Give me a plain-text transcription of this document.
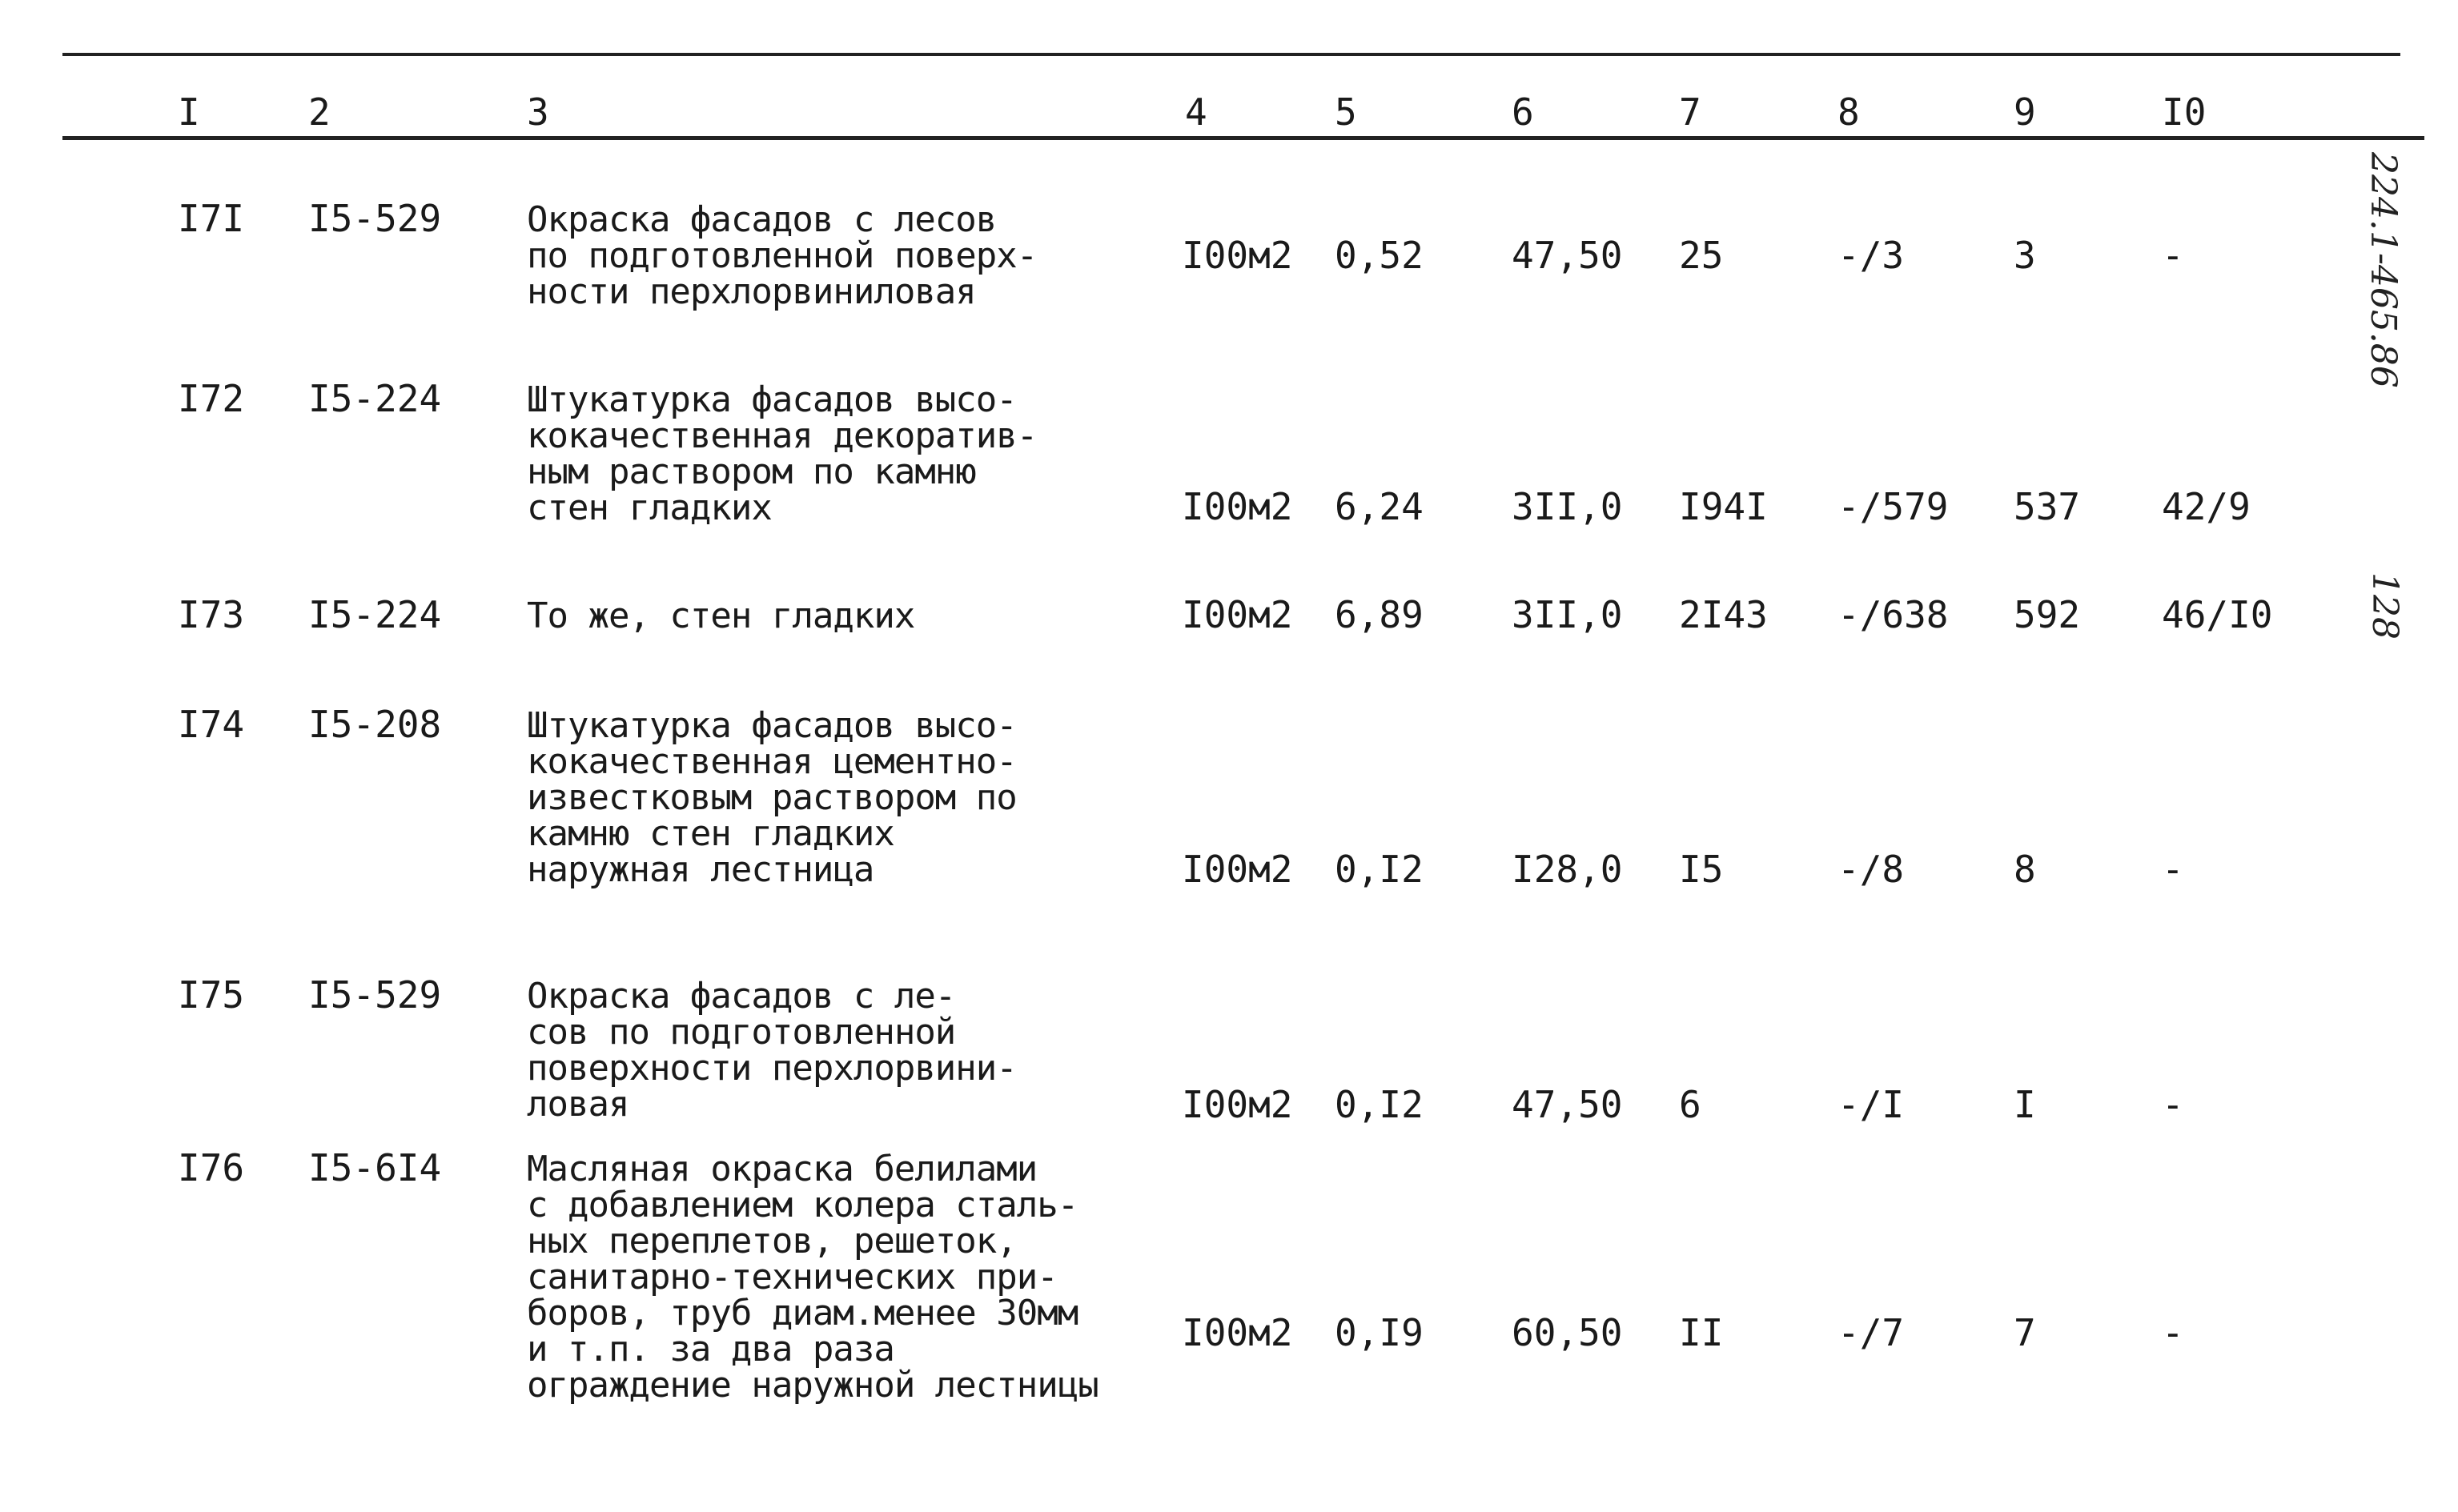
I	2	3	4	5	6	7	8	9	I0

I7I I5-529 Окраска фасадов с лесов
по подготовленной поверх-
ности перхлорвиниловая

I00м2 0,52 47,50 25	-/3	3	-

I72 I5-224 Штукатурка фасадов высо-
кокачественная декоратив-
ным раствором по камню
стен гладких	I00м2 6,24 3II,0 I94I -/579 537 42/9

I73 I5-224 То же, стен гладких	I00м2 6,89 3II,0 2I43 -/638 592 46/I0

I74 I5-208 Штукатурка фасадов высо-
кокачественная цементно-
известковым раствором по
камню стен гладких
наружная лестница	I00м2 0,I2 I28,0 I5	-/8	8	-

I75 I5-529 Окраска фасадов с ле-
сов по подготовленной
поверхности перхлорвини-
ловая	I00м2 0,I2 47,50 6	-/I	I	-

I76 I5-6I4 Масляная окраска белилами
с добавлением колера сталь-
ных переплетов, решеток,
санитарно-технических при-
боров, труб диам.менее 30мм
и т.п. за два раза
ограждение наружной лестницы

I00м2 0,I9 60,50 II	-/7	7	-

224.1-465.86

128
